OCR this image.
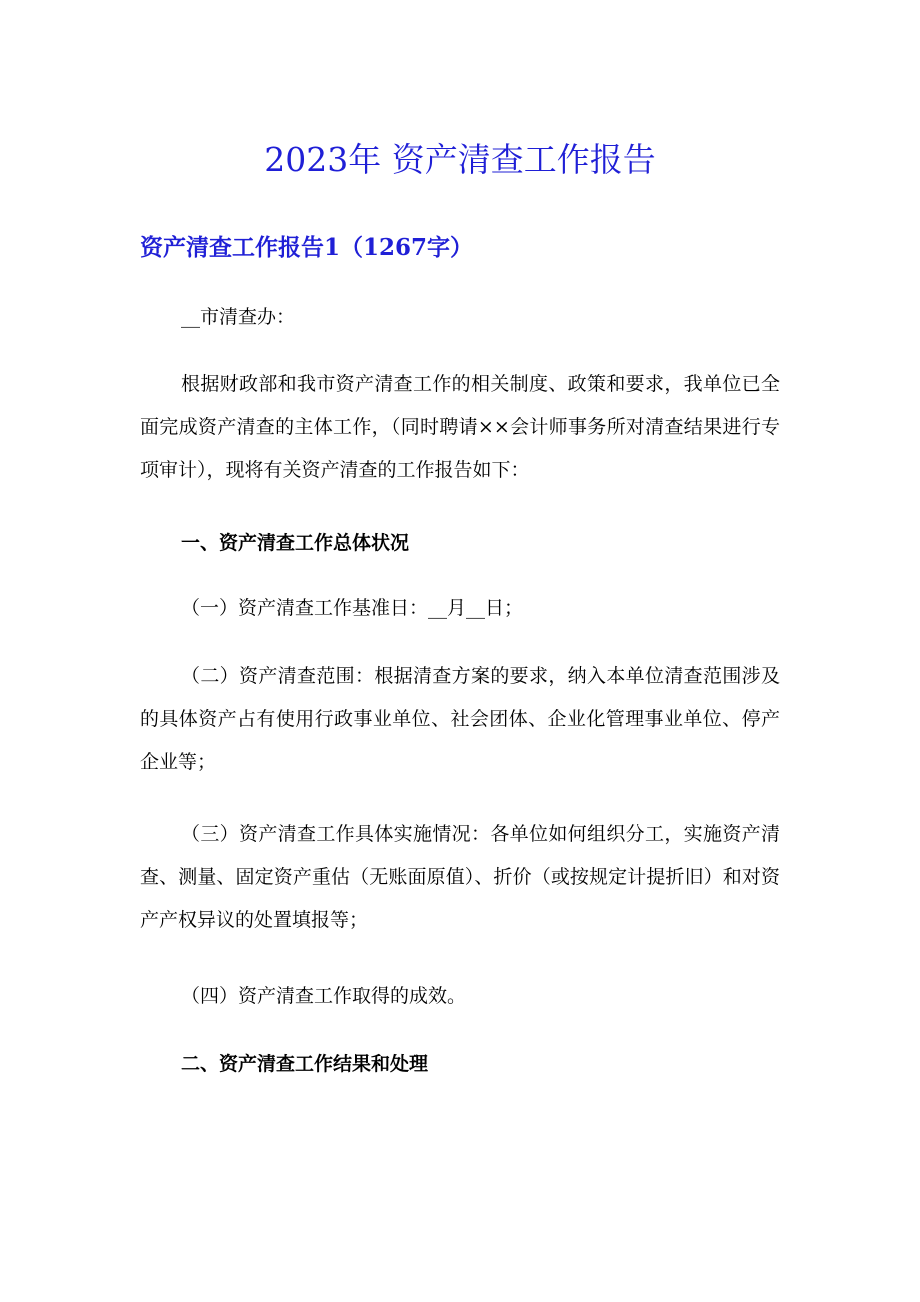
2023年 资产清查工作报告
资产清查工作报告1（1267字）

__市清查办：

根据财政部和我市资产清查工作的相关制度、政策和要求，我单位已全面完成资产清查的主体工作，（同时聘请××会计师事务所对清查结果进行专项审计），现将有关资产清查的工作报告如下：

一、资产清查工作总体状况

（一）资产清查工作基准日：__月__日；

（二）资产清查范围：根据清查方案的要求，纳入本单位清查范围涉及的具体资产占有使用行政事业单位、社会团体、企业化管理事业单位、停产企业等；

（三）资产清查工作具体实施情况：各单位如何组织分工，实施资产清查、测量、固定资产重估（无账面原值）、折价（或按规定计提折旧）和对资产产权异议的处置填报等；

（四）资产清查工作取得的成效。

二、资产清查工作结果和处理
